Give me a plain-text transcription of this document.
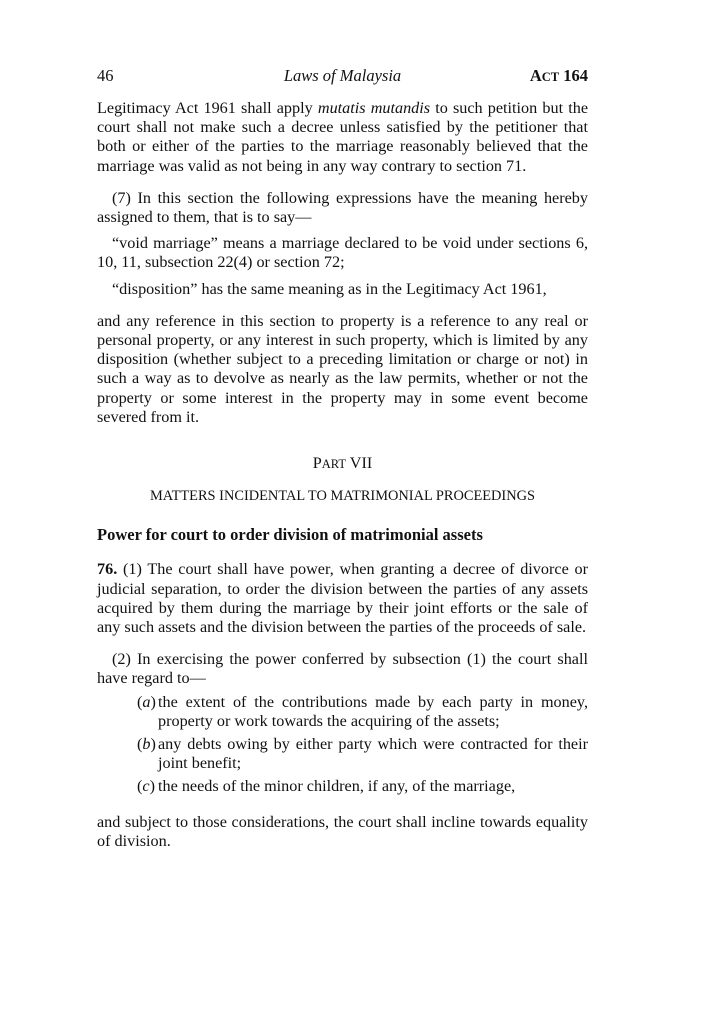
46	Laws of Malaysia	ACT 164

Legitimacy Act 1961 shall apply mutatis mutandis to such petition but the court shall not make such a decree unless satisfied by the petitioner that both or either of the parties to the marriage reasonably believed that the marriage was valid as not being in any way contrary to section 71.

(7) In this section the following expressions have the meaning hereby assigned to them, that is to say—

“void marriage” means a marriage declared to be void under sections 6, 10, 11, subsection 22(4) or section 72;

“disposition” has the same meaning as in the Legitimacy Act 1961,

and any reference in this section to property is a reference to any real or personal property, or any interest in such property, which is limited by any disposition (whether subject to a preceding limitation or charge or not) in such a way as to devolve as nearly as the law permits, whether or not the property or some interest in the property may in some event become severed from it.

PART VII

MATTERS INCIDENTAL TO MATRIMONIAL PROCEEDINGS

Power for court to order division of matrimonial assets

76. (1) The court shall have power, when granting a decree of divorce or judicial separation, to order the division between the parties of any assets acquired by them during the marriage by their joint efforts or the sale of any such assets and the division between the parties of the proceeds of sale.

(2) In exercising the power conferred by subsection (1) the court shall have regard to—

(a) the extent of the contributions made by each party in money, property or work towards the acquiring of the assets;
(b) any debts owing by either party which were contracted for their joint benefit;
(c) the needs of the minor children, if any, of the marriage,

and subject to those considerations, the court shall incline towards equality of division.
